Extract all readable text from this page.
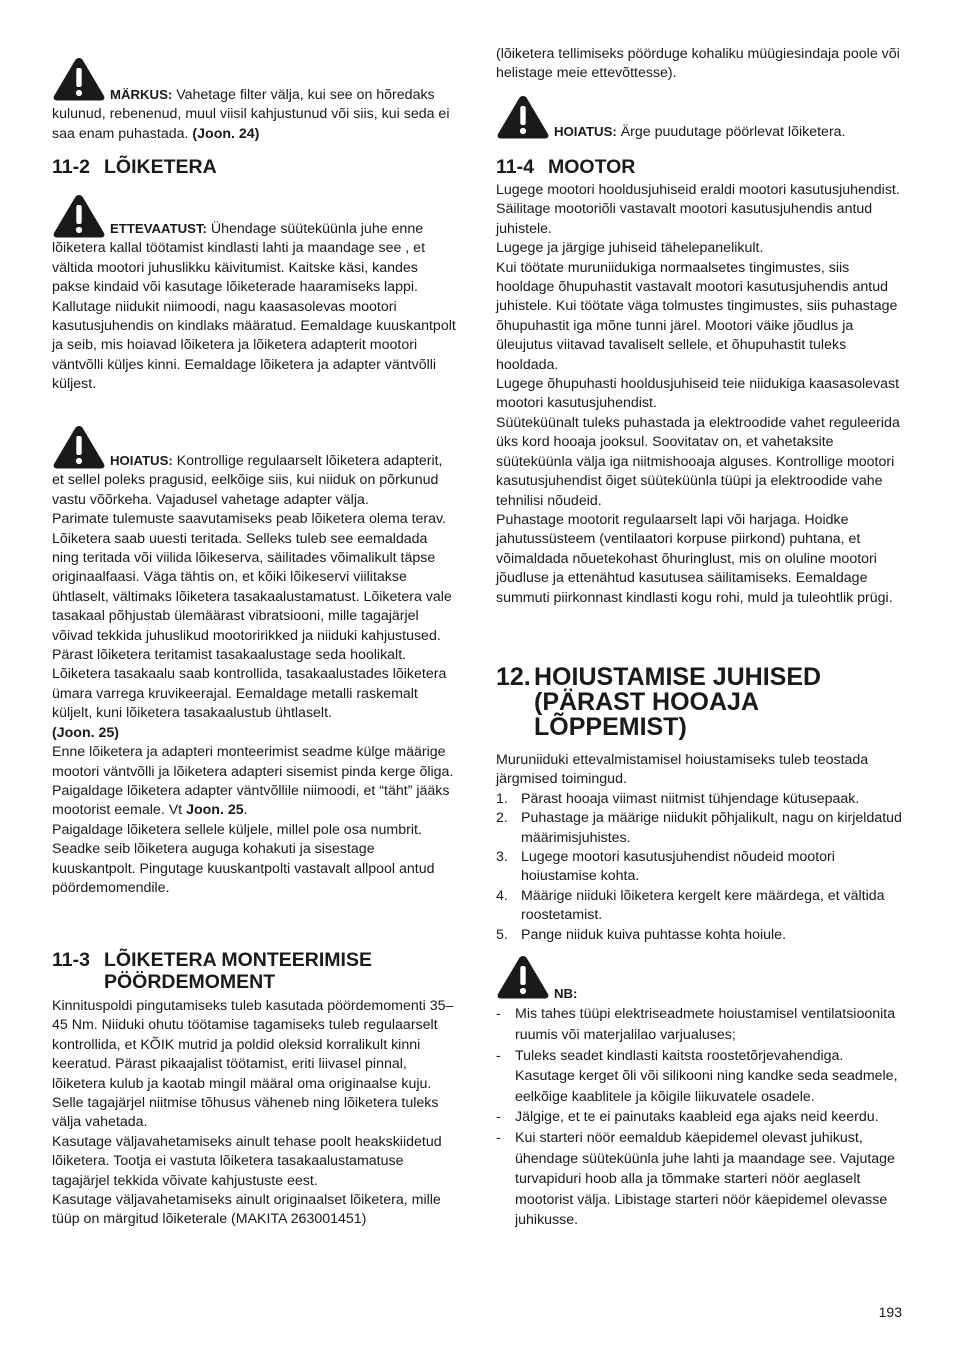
MÄRKUS: Vahetage filter välja, kui see on hõredaks kulunud, rebenenud, muul viisil kahjustunud või siis, kui seda ei saa enam puhastada. (Joon. 24)

11-2 LÕIKETERA

ETTEVAATUST: Ühendage süüteküünla juhe enne lõiketera kallal töötamist kindlasti lahti ja maandage see , et vältida mootori juhuslikku käivitumist. Kaitske käsi, kandes pakse kindaid või kasutage lõiketerade haaramiseks lappi.

Kallutage niidukit niimoodi, nagu kaasasolevas mootori kasutusjuhendis on kindlaks määratud. Eemaldage kuuskantpolt ja seib, mis hoiavad lõiketera ja lõiketera adapterit mootori väntvõlli küljes kinni. Eemaldage lõiketera ja adapter väntvõlli küljest.

HOIATUS: Kontrollige regulaarselt lõiketera adapterit, et sellel poleks pragusid, eelkõige siis, kui niiduk on põrkunud vastu võõrkeha. Vajadusel vahetage adapter välja.

Parimate tulemuste saavutamiseks peab lõiketera olema terav. Lõiketera saab uuesti teritada. Selleks tuleb see eemaldada ning teritada või viilida lõikeserva, säilitades võimalikult täpse originaalfaasi. Väga tähtis on, et kõiki lõikeservi viilitakse ühtlaselt, vältimaks lõiketera tasakaalustamatust. Lõiketera vale tasakaal põhjustab ülemäärast vibratsiooni, mille tagajärjel võivad tekkida juhuslikud mootoririkked ja niiduki kahjustused. Pärast lõiketera teritamist tasakaalustage seda hoolikalt. Lõiketera tasakaalu saab kontrollida, tasakaalustades lõiketera ümara varrega kruvikeerajal. Eemaldage metalli raskemalt küljelt, kuni lõiketera tasakaalustub ühtlaselt.

(Joon. 25)

Enne lõiketera ja adapteri monteerimist seadme külge määrige mootori väntvõlli ja lõiketera adapteri sisemist pinda kerge õliga. Paigaldage lõiketera adapter väntvõllile niimoodi, et “täht” jääks mootorist eemale. Vt Joon. 25.

Paigaldage lõiketera sellele küljele, millel pole osa numbrit. Seadke seib lõiketera auguga kohakuti ja sisestage kuuskantpolt. Pingutage kuuskantpolti vastavalt allpool antud pöördemomendile.

11-3 LÕIKETERA MONTEERIMISE
PÖÖRDEMOMENT

Kinnituspoldi pingutamiseks tuleb kasutada pöördemomenti 35–45 Nm. Niiduki ohutu töötamise tagamiseks tuleb regulaarselt kontrollida, et KÕIK mutrid ja poldid oleksid korralikult kinni keeratud. Pärast pikaajalist töötamist, eriti liivasel pinnal, lõiketera kulub ja kaotab mingil määral oma originaalse kuju. Selle tagajärjel niitmise tõhusus väheneb ning lõiketera tuleks välja vahetada.

Kasutage väljavahetamiseks ainult tehase poolt heakskiidetud lõiketera. Tootja ei vastuta lõiketera tasakaalustamatuse tagajärjel tekkida võivate kahjustuste eest.

Kasutage väljavahetamiseks ainult originaalset lõiketera, mille tüüp on märgitud lõiketerale (MAKITA 263001451)

(lõiketera tellimiseks pöörduge kohaliku müügiesindaja poole või helistage meie ettevõttesse).

HOIATUS: Ärge puudutage pöörlevat lõiketera.

11-4 MOOTOR

Lugege mootori hooldusjuhiseid eraldi mootori kasutusjuhendist.

Säilitage mootoriõli vastavalt mootori kasutusjuhendis antud juhistele.

Lugege ja järgige juhiseid tähelepanelikult.

Kui töötate muruniidukiga normaalsetes tingimustes, siis hooldage õhupuhastit vastavalt mootori kasutusjuhendis antud juhistele. Kui töötate väga tolmustes tingimustes, siis puhastage õhupuhastit iga mõne tunni järel. Mootori väike jõudlus ja üleujutus viitavad tavaliselt sellele, et õhupuhastit tuleks hooldada.

Lugege õhupuhasti hooldusjuhiseid teie niidukiga kaasasolevast mootori kasutusjuhendist.

Süüteküünalt tuleks puhastada ja elektroodide vahet reguleerida üks kord hooaja jooksul. Soovitatav on, et vahetaksite süüteküünla välja iga niitmishooaja alguses. Kontrollige mootori kasutusjuhendist õiget süüteküünla tüüpi ja elektroodide vahe tehnilisi nõudeid.

Puhastage mootorit regulaarselt lapi või harjaga. Hoidke jahutussüsteem (ventilaatori korpuse piirkond) puhtana, et võimaldada nõuetekohast õhuringlust, mis on oluline mootori jõudluse ja ettenähtud kasutusea säilitamiseks. Eemaldage summuti piirkonnast kindlasti kogu rohi, muld ja tuleohtlik prügi.

12. HOIUSTAMISE JUHISED
(PÄRAST HOOAJA
LÕPPEMIST)

Muruniiduki ettevalmistamisel hoiustamiseks tuleb teostada järgmised toimingud.

1. Pärast hooaja viimast niitmist tühjendage kütusepaak.
2. Puhastage ja määrige niidukit põhjalikult, nagu on kirjeldatud määrimisjuhistes.
3. Lugege mootori kasutusjuhendist nõudeid mootori hoiustamise kohta.
4. Määrige niiduki lõiketera kergelt kere määrdega, et vältida roostetamist.
5. Pange niiduk kuiva puhtasse kohta hoiule.

NB:

-	Mis tahes tüüpi elektriseadmete hoiustamisel ventilatsioonita ruumis või materjalilao varjualuses;
-	Tuleks seadet kindlasti kaitsta roostetõrjevahendiga. Kasutage kerget õli või silikooni ning kandke seda seadmele, eelkõige kaablitele ja kõigile liikuvatele osadele.
-	Jälgige, et te ei painutaks kaableid ega ajaks neid keerdu.
-	Kui starteri nöör eemaldub käepidemel olevast juhikust, ühendage süüteküünla juhe lahti ja maandage see. Vajutage turvapiduri hoob alla ja tõmmake starteri nöör aeglaselt mootorist välja. Libistage starteri nöör käepidemel olevasse juhikusse.
193
